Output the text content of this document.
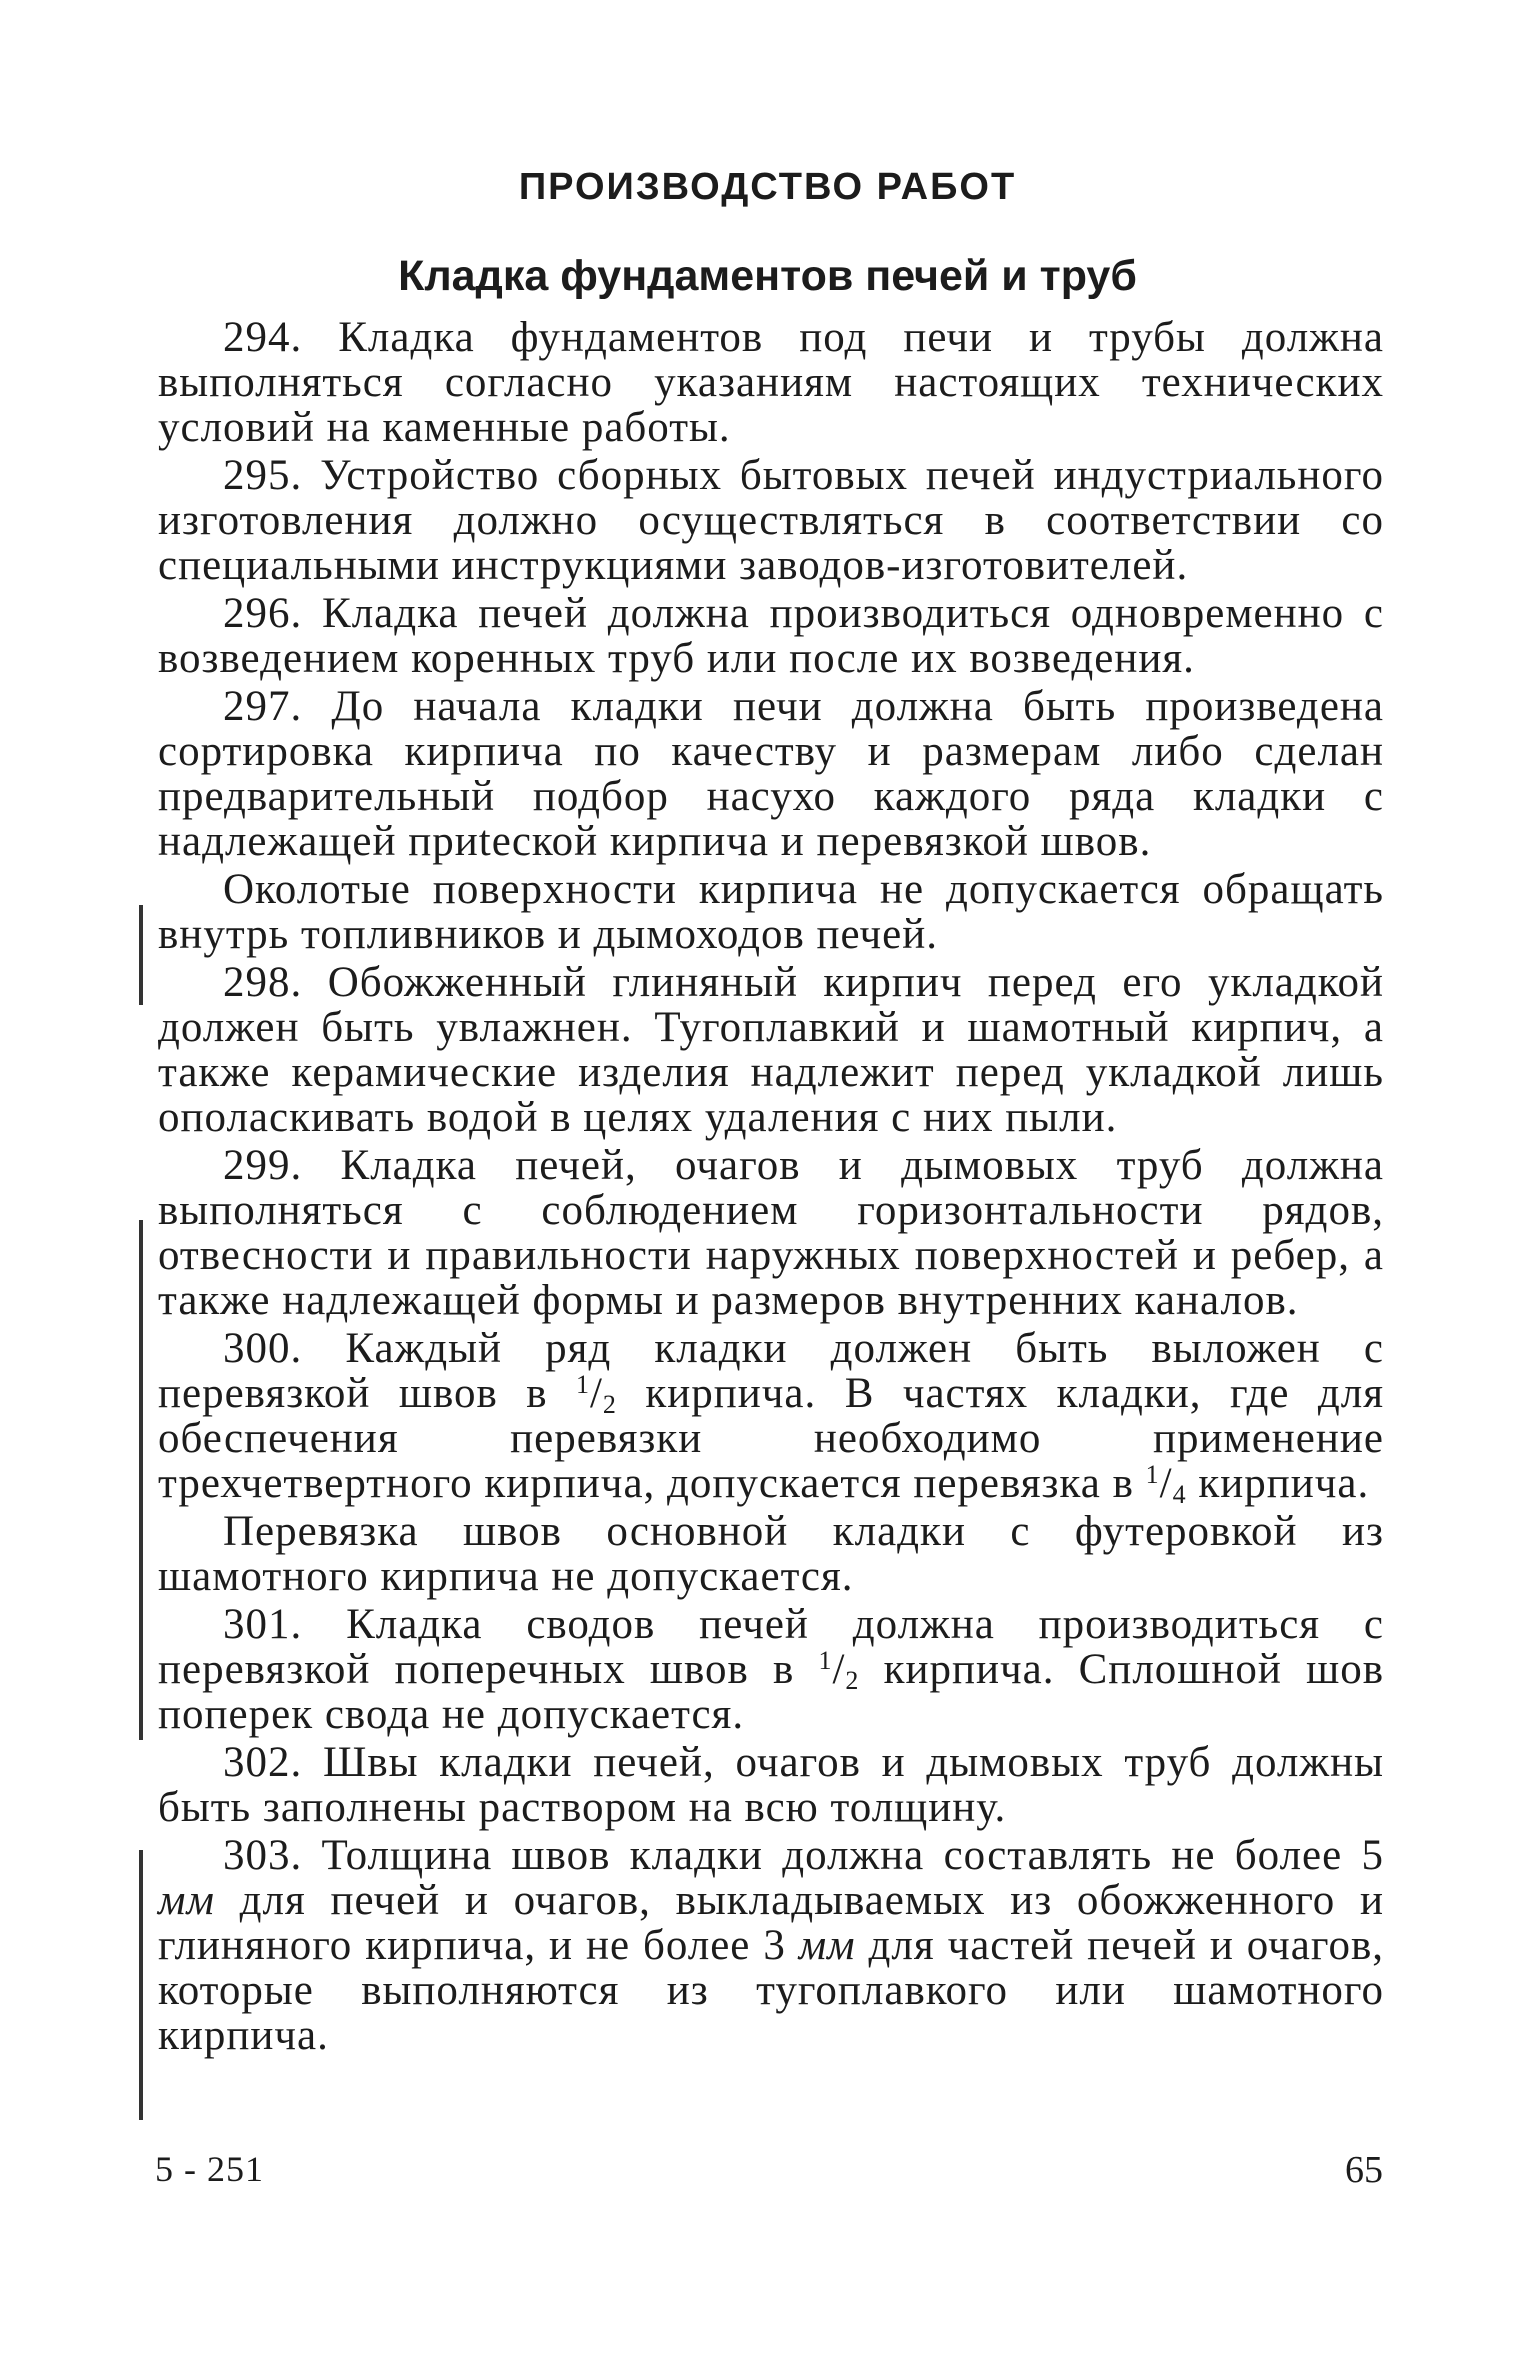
ПРОИЗВОДСТВО РАБОТ
Кладка фундаментов печей и труб

294. Кладка фундаментов под печи и трубы должна выполняться согласно указаниям настоящих технических условий на каменные работы.

295. Устройство сборных бытовых печей индустриального изготовления должно осуществляться в соответствии со специальными инструкциями заводов-изготовителей.

296. Кладка печей должна производиться одновременно с возведением коренных труб или после их возведения.

297. До начала кладки печи должна быть произведена сортировка кирпича по качеству и размерам либо сделан предварительный подбор насухо каждого ряда кладки с надлежащей приteской кирпича и перевязкой швов.

Околотые поверхности кирпича не допускается обращать внутрь топливников и дымоходов печей.

298. Обожженный глиняный кирпич перед его укладкой должен быть увлажнен. Тугоплавкий и шамотный кирпич, а также керамические изделия надлежит перед укладкой лишь ополаскивать водой в целях удаления с них пыли.

299. Кладка печей, очагов и дымовых труб должна выполняться с соблюдением горизонтальности рядов, отвесности и правильности наружных поверхностей и ребер, а также надлежащей формы и размеров внутренних каналов.

300. Каждый ряд кладки должен быть выложен с перевязкой швов в $^1/_2$ кирпича. В частях кладки, где для обеспечения перевязки необходимо применение трехчетвертного кирпича, допускается перевязка в $^1/_4$ кирпича.

Перевязка швов основной кладки с футеровкой из шамотного кирпича не допускается.

301. Кладка сводов печей должна производиться с перевязкой поперечных швов в $^1/_2$ кирпича. Сплошной шов поперек свода не допускается.

302. Швы кладки печей, очагов и дымовых труб должны быть заполнены раствором на всю толщину.

303. Толщина швов кладки должна составлять не более 5 мм для печей и очагов, выкладываемых из обожженного и глиняного кирпича, и не более 3 мм для частей печей и очагов, которые выполняются из тугоплавкого или шамотного кирпича.

5 - 251	65
